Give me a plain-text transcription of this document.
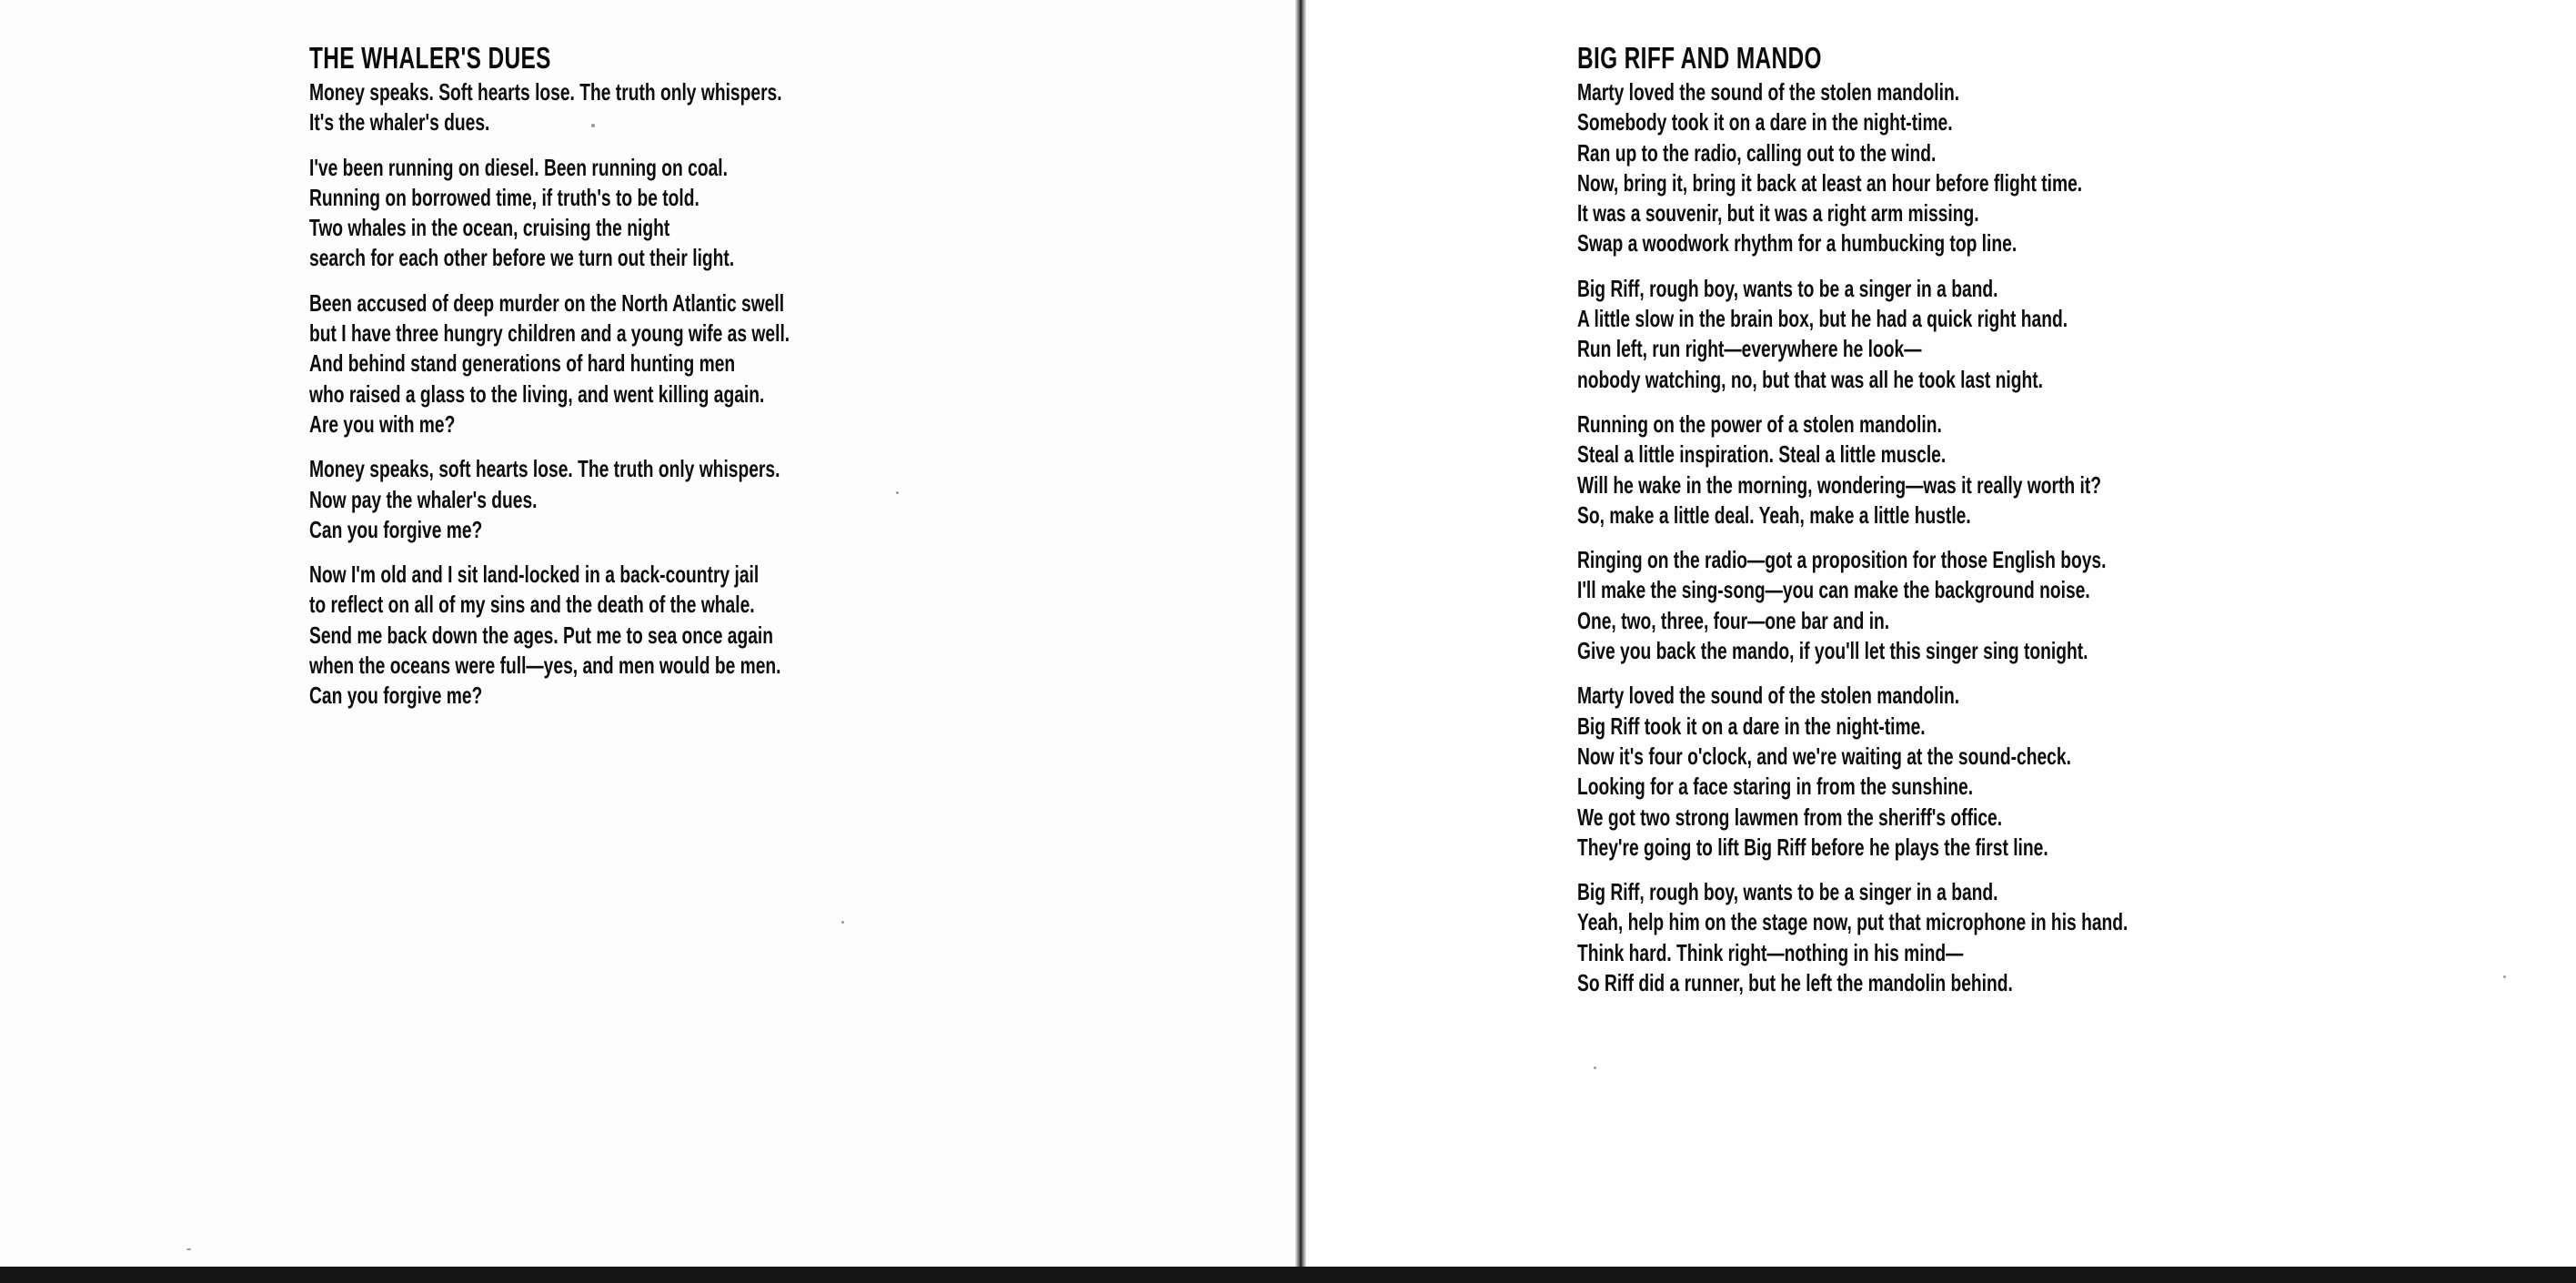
THE WHALER'S DUES
Money speaks. Soft hearts lose. The truth only whispers.
It's the whaler's dues.
I've been running on diesel. Been running on coal.
Running on borrowed time, if truth's to be told.
Two whales in the ocean, cruising the night
search for each other before we turn out their light.
Been accused of deep murder on the North Atlantic swell
but I have three hungry children and a young wife as well.
And behind stand generations of hard hunting men
who raised a glass to the living, and went killing again.
Are you with me?
Money speaks, soft hearts lose. The truth only whispers.
Now pay the whaler's dues.
Can you forgive me?
Now I'm old and I sit land-locked in a back-country jail
to reflect on all of my sins and the death of the whale.
Send me back down the ages. Put me to sea once again
when the oceans were full—yes, and men would be men.
Can you forgive me?
BIG RIFF AND MANDO
Marty loved the sound of the stolen mandolin.
Somebody took it on a dare in the night-time.
Ran up to the radio, calling out to the wind.
Now, bring it, bring it back at least an hour before flight time.
It was a souvenir, but it was a right arm missing.
Swap a woodwork rhythm for a humbucking top line.
Big Riff, rough boy, wants to be a singer in a band.
A little slow in the brain box, but he had a quick right hand.
Run left, run right—everywhere he look—
nobody watching, no, but that was all he took last night.
Running on the power of a stolen mandolin.
Steal a little inspiration. Steal a little muscle.
Will he wake in the morning, wondering—was it really worth it?
So, make a little deal. Yeah, make a little hustle.
Ringing on the radio—got a proposition for those English boys.
I'll make the sing-song—you can make the background noise.
One, two, three, four—one bar and in.
Give you back the mando, if you'll let this singer sing tonight.
Marty loved the sound of the stolen mandolin.
Big Riff took it on a dare in the night-time.
Now it's four o'clock, and we're waiting at the sound-check.
Looking for a face staring in from the sunshine.
We got two strong lawmen from the sheriff's office.
They're going to lift Big Riff before he plays the first line.
Big Riff, rough boy, wants to be a singer in a band.
Yeah, help him on the stage now, put that microphone in his hand.
Think hard. Think right—nothing in his mind—
So Riff did a runner, but he left the mandolin behind.
